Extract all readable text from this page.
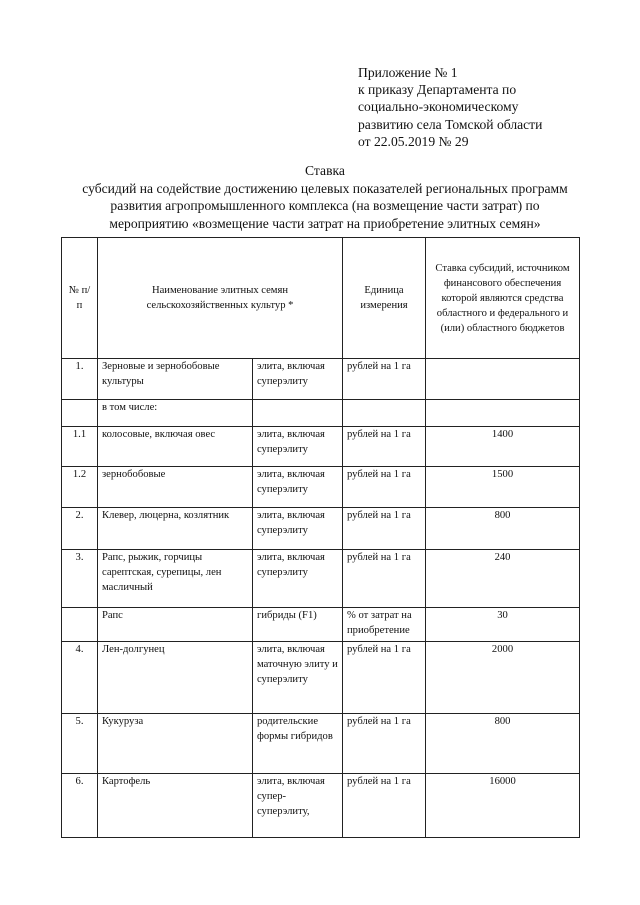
Приложение № 1
к приказу Департамента по
социально-экономическому
развитию села Томской области
от 22.05.2019 № 29
Ставка
субсидий на содействие достижению целевых показателей региональных программ
развития агропромышленного комплекса (на возмещение части затрат) по
мероприятию «возмещение части затрат на приобретение элитных семян»
№ п/п	Наименование элитных семян сельскохозяйственных культур *		Единица измерения	Ставка субсидий, источником финансового обеспечения которой являются средства областного и федерального и (или) областного бюджетов
1.	Зерновые и зернобобовые культуры	элита, включая суперэлиту	рублей на 1 га	
	в том числе:			
1.1	колосовые, включая овес	элита, включая суперэлиту	рублей на 1 га	1400
1.2	зернобобовые	элита, включая суперэлиту	рублей на 1 га	1500
2.	Клевер, люцерна, козлятник	элита, включая суперэлиту	рублей на 1 га	800
3.	Рапс, рыжик, горчицы сарептская, сурепицы, лен масличный	элита, включая суперэлиту	рублей на 1 га	240
	Рапс	гибриды (F1)	% от затрат на приобретение	30
4.	Лен-долгунец	элита, включая маточную элиту и суперэлиту	рублей на 1 га	2000
5.	Кукуруза	родительские формы гибридов	рублей на 1 га	800
6.	Картофель	элита, включая супер-суперэлиту,	рублей на 1 га	16000
